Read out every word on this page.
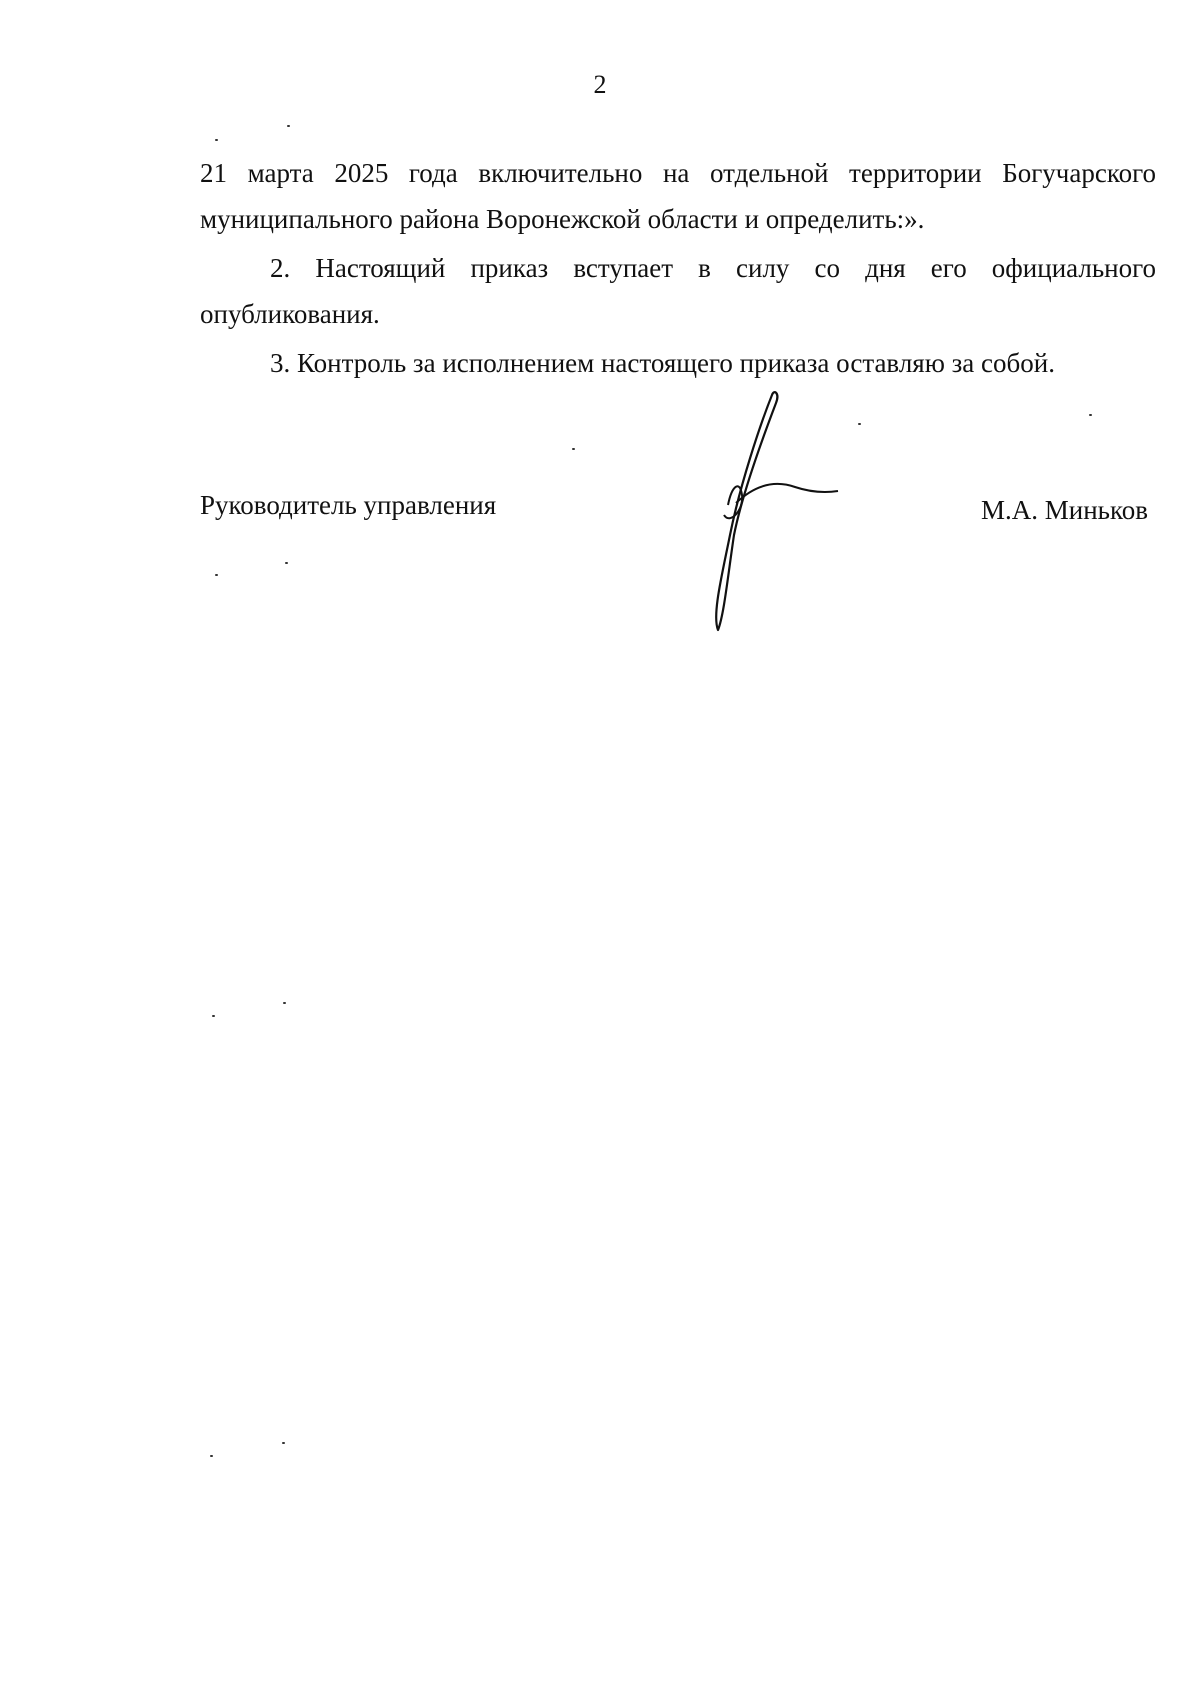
2

21 марта 2025 года включительно на отдельной территории Богучарского муниципального района Воронежской области и определить:».

2. Настоящий приказ вступает в силу со дня его официального опубликования.

3. Контроль за исполнением настоящего приказа оставляю за собой.

Руководитель управления	М.А. Миньков
